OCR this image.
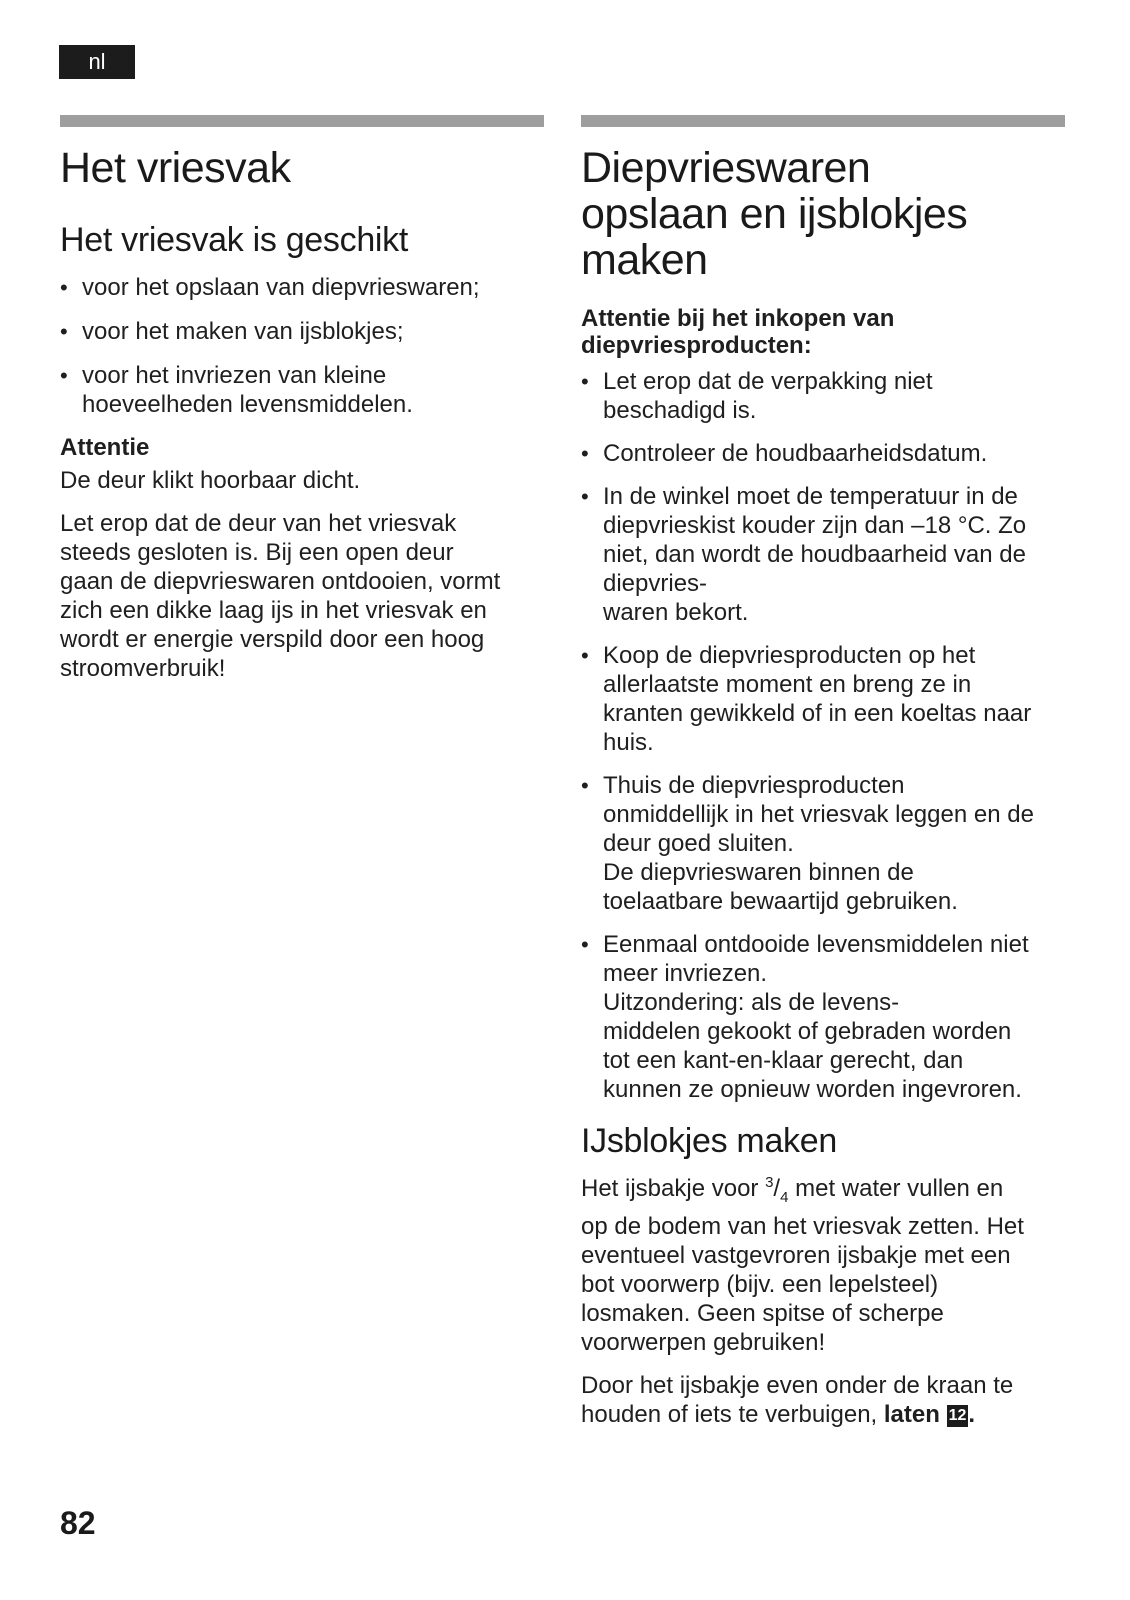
nl
Het vriesvak
Het vriesvak is geschikt
• voor het opslaan van diepvrieswaren;
• voor het maken van ijsblokjes;
• voor het invriezen van kleine
hoeveelheden levensmiddelen.
Attentie

De deur klikt hoorbaar dicht.

Let erop dat de deur van het vriesvak
steeds gesloten is. Bij een open deur
gaan de diepvrieswaren ontdooien, vormt
zich een dikke laag ijs in het vriesvak en
wordt er energie verspild door een hoog
stroomverbruik!

Diepvrieswaren
opslaan en ijsblokjes
maken
Attentie bij het inkopen van
diepvriesproducten:
• Let erop dat de verpakking niet
beschadigd is.
• Controleer de houdbaarheidsdatum.
• In de winkel moet de temperatuur in de
diepvrieskist kouder zijn dan –18 °C. Zo
niet, dan wordt de houdbaarheid van de
diepvries-
waren bekort.
• Koop de diepvriesproducten op het
allerlaatste moment en breng ze in
kranten gewikkeld of in een koeltas naar
huis.
• Thuis de diepvriesproducten
onmiddellijk in het vriesvak leggen en de
deur goed sluiten.
De diepvrieswaren binnen de
toelaatbare bewaartijd gebruiken.
• Eenmaal ontdooide levensmiddelen niet
meer invriezen.
Uitzondering: als de levens-
middelen gekookt of gebraden worden
tot een kant-en-klaar gerecht, dan
kunnen ze opnieuw worden ingevroren.
IJsblokjes maken

Het ijsbakje voor $^3/_4$ met water vullen en
op de bodem van het vriesvak zetten. Het
eventueel vastgevroren ijsbakje met een
bot voorwerp (bijv. een lepelsteel)
losmaken. Geen spitse of scherpe
voorwerpen gebruiken!

Door het ijsbakje even onder de kraan te
houden of iets te verbuigen, laten 12.

82
